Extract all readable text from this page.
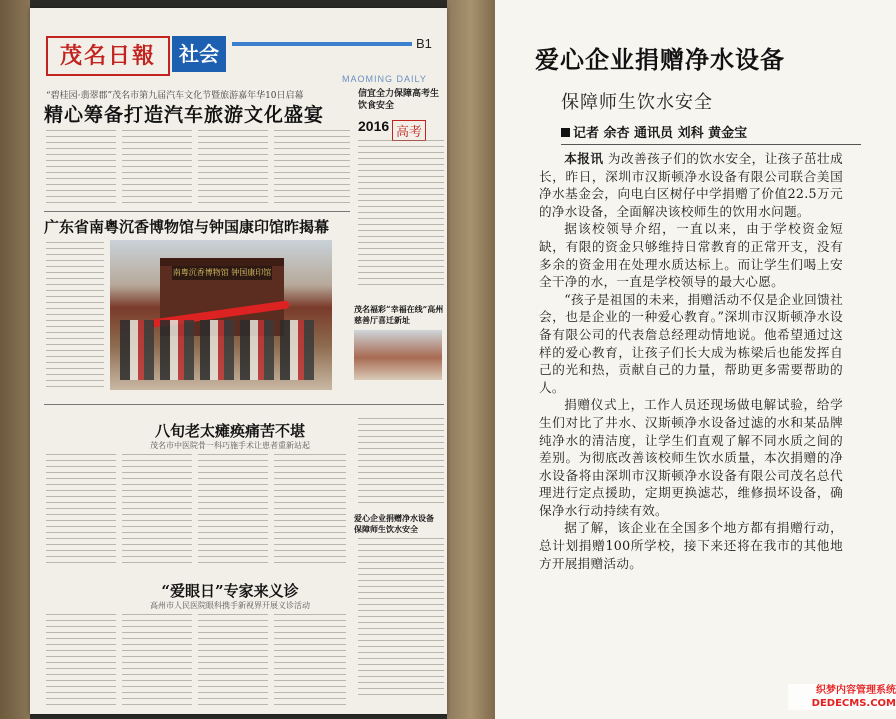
茂名日報	社会	B1
MAOMING DAILY
“碧桂园·翡翠郡”茂名市第九届汽车文化节暨旅游嘉年华10日启幕
精心筹备打造汽车旅游文化盛宴
信宜全力保障高考生饮食安全
2016 高考
广东省南粤沉香博物馆与钟国康印馆昨揭幕
南粤沉香博物馆 钟国康印馆
茂名福彩“幸福在线”高州慈善厅喜迁新址
八旬老太瘫痪痛苦不堪
茂名市中医院骨一科巧施手术让患者重新站起
爱心企业捐赠净水设备 保障师生饮水安全
“爱眼日”专家来义诊
高州市人民医院眼科携手新视界开展义诊活动
爱心企业捐赠净水设备
保障师生饮水安全
记者 余杏 通讯员 刘科 黄金宝

本报讯 为改善孩子们的饮水安全，让孩子茁壮成长，昨日，深圳市汉斯顿净水设备有限公司联合美国净水基金会，向电白区树仔中学捐赠了价值22.5万元的净水设备，全面解决该校师生的饮用水问题。

据该校领导介绍，一直以来，由于学校资金短缺，有限的资金只够维持日常教育的正常开支，没有多余的资金用在处理水质达标上。而让学生们喝上安全干净的水，一直是学校领导的最大心愿。

“孩子是祖国的未来，捐赠活动不仅是企业回馈社会，也是企业的一种爱心教育。”深圳市汉斯顿净水设备有限公司的代表詹总经理动情地说。他希望通过这样的爱心教育，让孩子们长大成为栋梁后也能发挥自己的光和热，贡献自己的力量，帮助更多需要帮助的人。

捐赠仪式上，工作人员还现场做电解试验，给学生们对比了井水、汉斯顿净水设备过滤的水和某品牌纯净水的清洁度，让学生们直观了解不同水质之间的差别。为彻底改善该校师生饮水质量，本次捐赠的净水设备将由深圳市汉斯顿净水设备有限公司茂名总代理进行定点援助，定期更换滤芯，维修损坏设备，确保净水行动持续有效。

据了解，该企业在全国多个地方都有捐赠行动，总计划捐赠100所学校，接下来还将在我市的其他地方开展捐赠活动。

织梦内容管理系统
DEDECMS.COM
